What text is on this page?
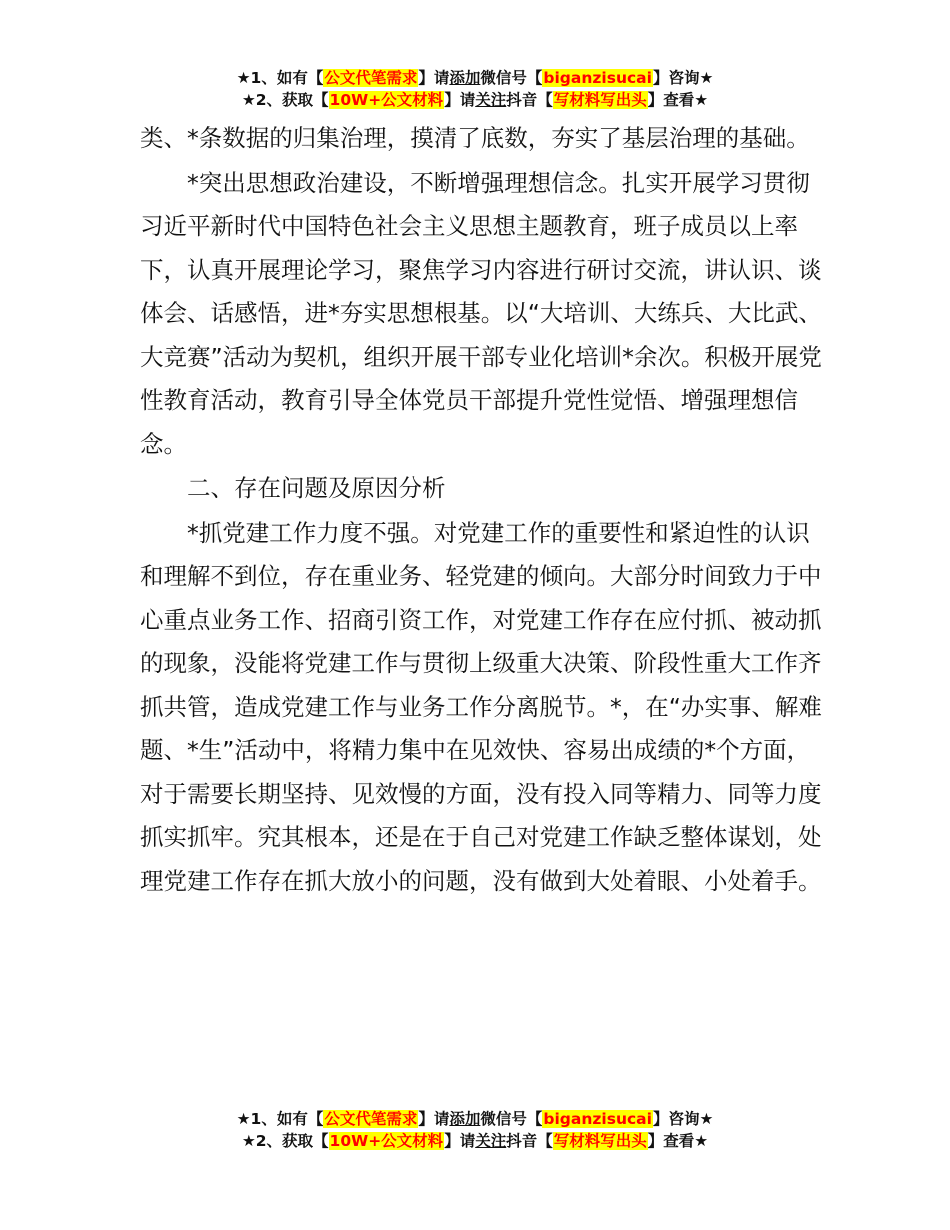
★1、如有【公文代笔需求】请添加微信号【biganzisucai】咨询★
★2、获取【10W+公文材料】请关注抖音【写材料写出头】查看★

类、*条数据的归集治理，摸清了底数，夯实了基层治理的基础。

*突出思想政治建设，不断增强理想信念。扎实开展学习贯彻习近平新时代中国特色社会主义思想主题教育，班子成员以上率下，认真开展理论学习，聚焦学习内容进行研讨交流，讲认识、谈体会、话感悟，进*夯实思想根基。以“大培训、大练兵、大比武、大竞赛”活动为契机，组织开展干部专业化培训*余次。积极开展党性教育活动，教育引导全体党员干部提升党性觉悟、增强理想信念。

二、存在问题及原因分析

*抓党建工作力度不强。对党建工作的重要性和紧迫性的认识和理解不到位，存在重业务、轻党建的倾向。大部分时间致力于中心重点业务工作、招商引资工作，对党建工作存在应付抓、被动抓的现象，没能将党建工作与贯彻上级重大决策、阶段性重大工作齐抓共管，造成党建工作与业务工作分离脱节。*，在“办实事、解难题、*生”活动中，将精力集中在见效快、容易出成绩的*个方面，对于需要长期坚持、见效慢的方面，没有投入同等精力、同等力度抓实抓牢。究其根本，还是在于自己对党建工作缺乏整体谋划，处理党建工作存在抓大放小的问题，没有做到大处着眼、小处着手。

★1、如有【公文代笔需求】请添加微信号【biganzisucai】咨询★
★2、获取【10W+公文材料】请关注抖音【写材料写出头】查看★
